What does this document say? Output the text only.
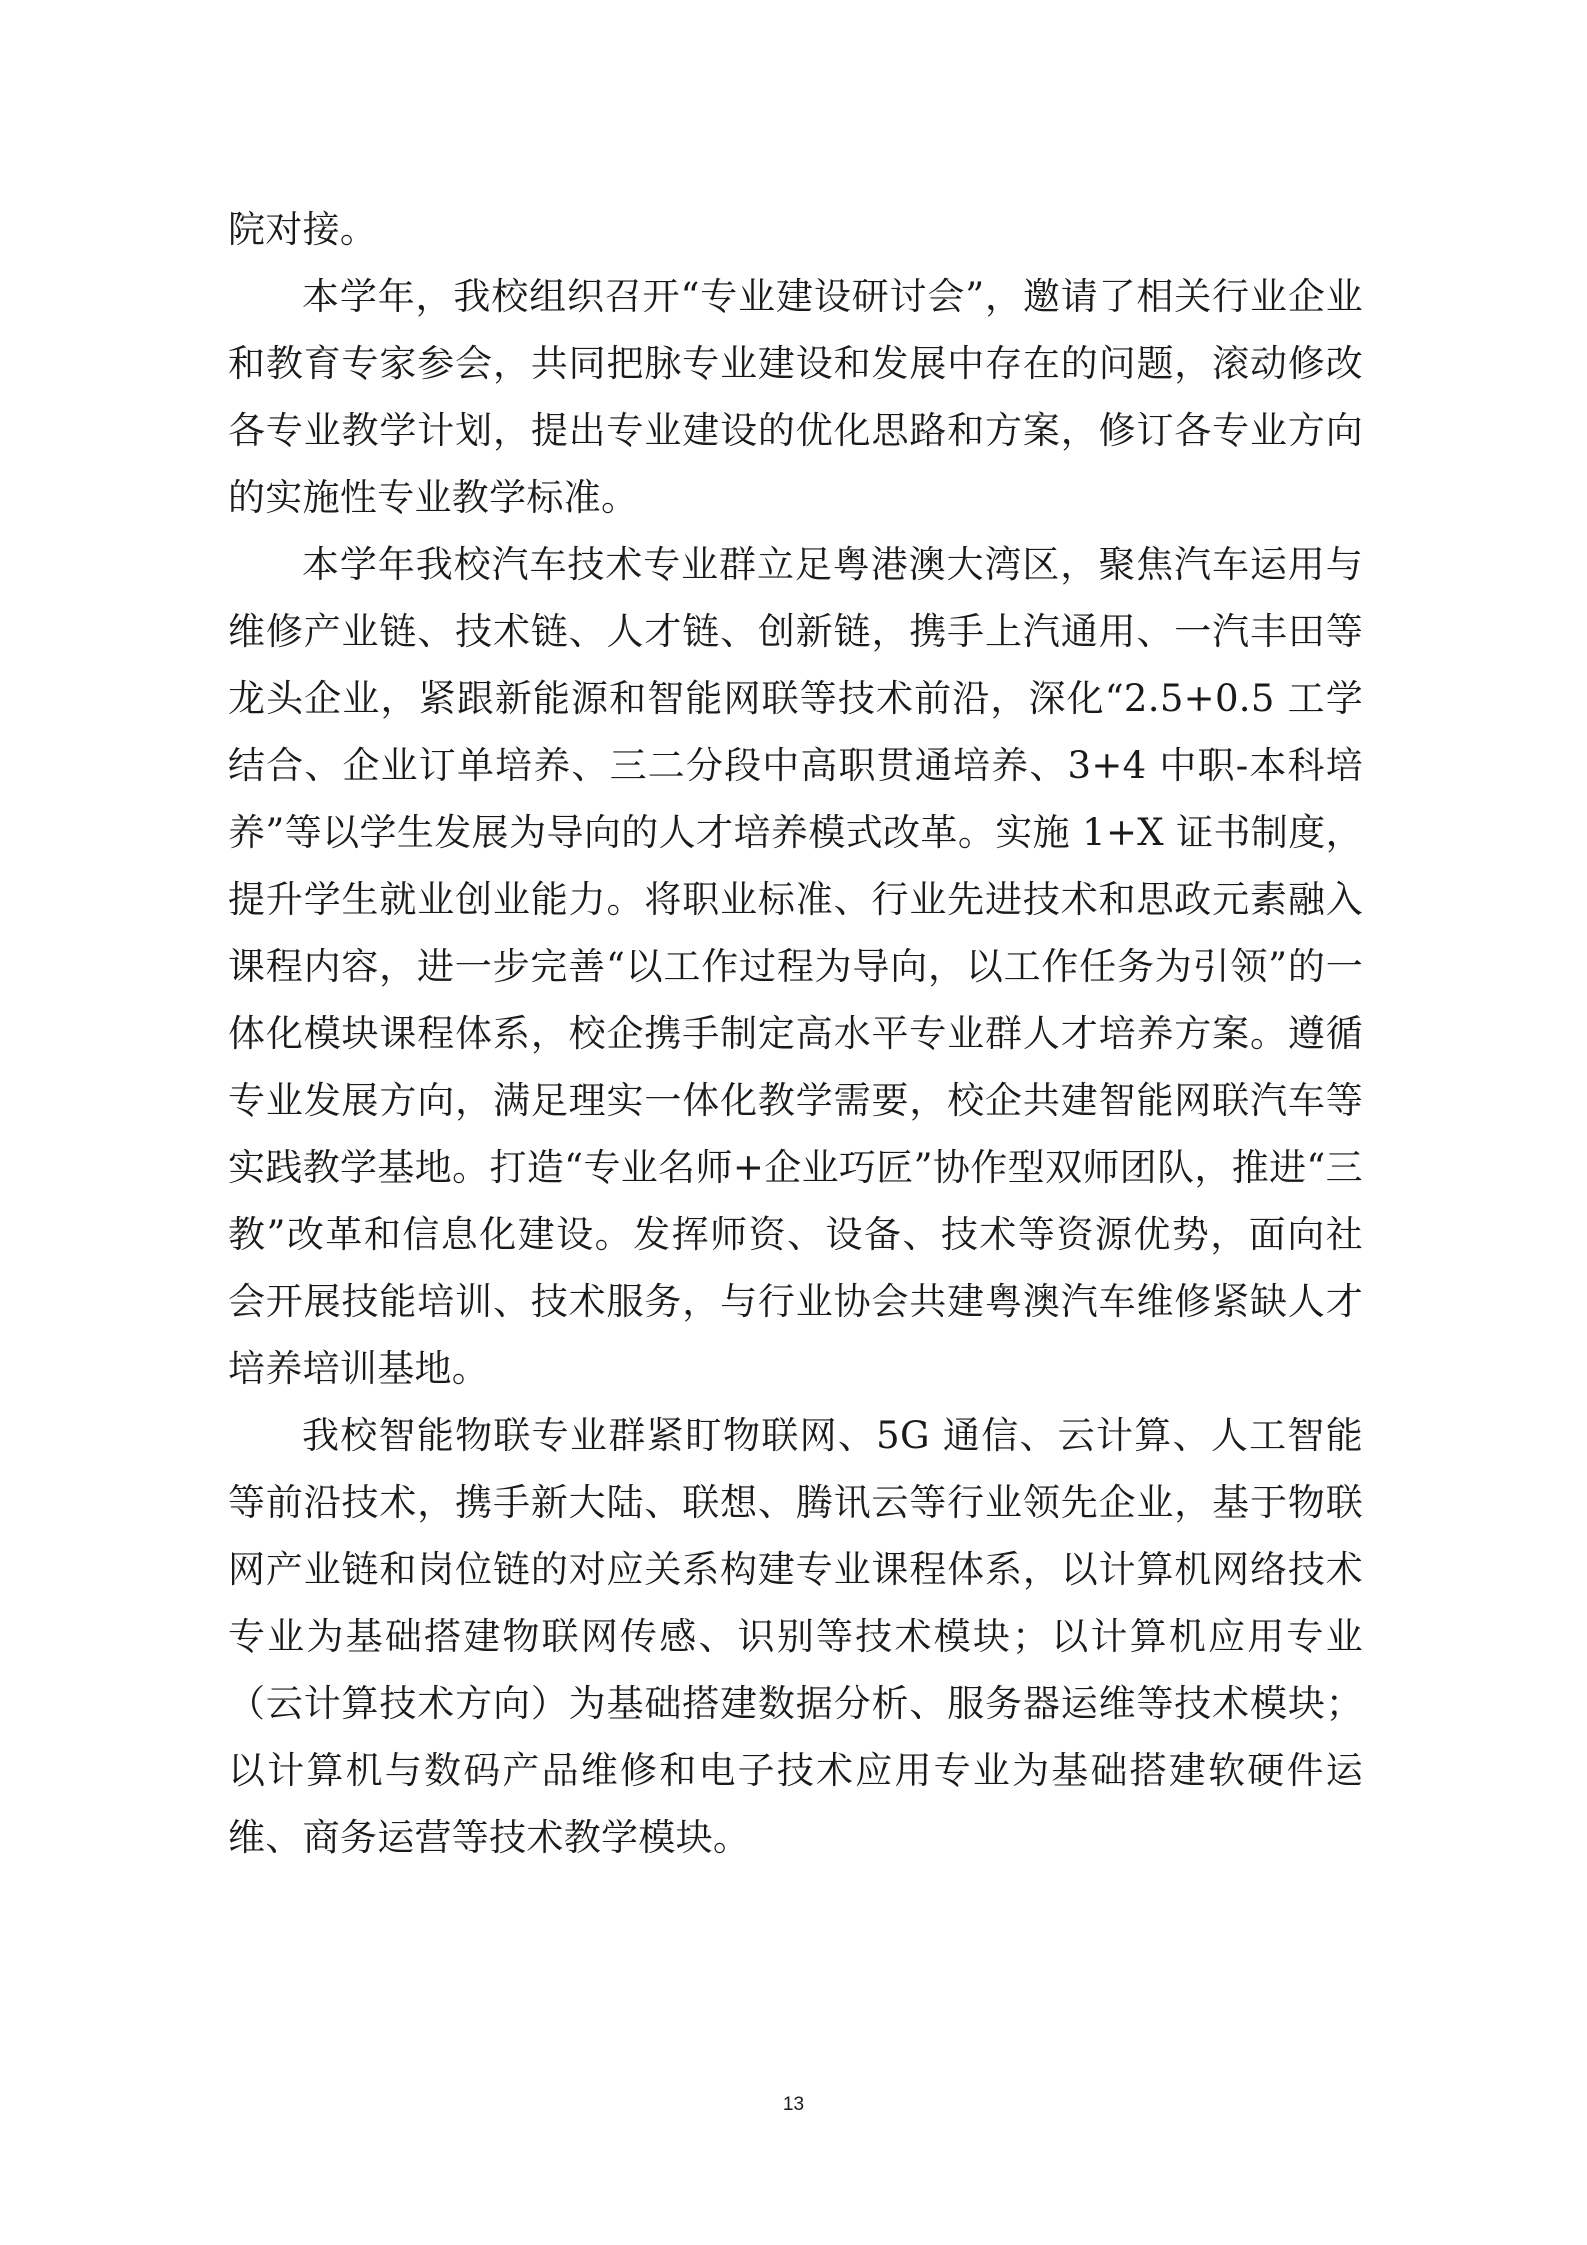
院对接。

本学年，我校组织召开“专业建设研讨会”，邀请了相关行业企业和教育专家参会，共同把脉专业建设和发展中存在的问题，滚动修改各专业教学计划，提出专业建设的优化思路和方案，修订各专业方向的实施性专业教学标准。

本学年我校汽车技术专业群立足粤港澳大湾区，聚焦汽车运用与维修产业链、技术链、人才链、创新链，携手上汽通用、一汽丰田等龙头企业，紧跟新能源和智能网联等技术前沿，深化“2.5+0.5 工学结合、企业订单培养、三二分段中高职贯通培养、3+4 中职-本科培养”等以学生发展为导向的人才培养模式改革。实施 1+X 证书制度，提升学生就业创业能力。将职业标准、行业先进技术和思政元素融入课程内容，进一步完善“以工作过程为导向，以工作任务为引领”的一体化模块课程体系，校企携手制定高水平专业群人才培养方案。遵循专业发展方向，满足理实一体化教学需要，校企共建智能网联汽车等实践教学基地。打造“专业名师+企业巧匠”协作型双师团队，推进“三教”改革和信息化建设。发挥师资、设备、技术等资源优势，面向社会开展技能培训、技术服务，与行业协会共建粤澳汽车维修紧缺人才培养培训基地。

我校智能物联专业群紧盯物联网、5G 通信、云计算、人工智能等前沿技术，携手新大陆、联想、腾讯云等行业领先企业，基于物联网产业链和岗位链的对应关系构建专业课程体系，以计算机网络技术专业为基础搭建物联网传感、识别等技术模块；以计算机应用专业（云计算技术方向）为基础搭建数据分析、服务器运维等技术模块；以计算机与数码产品维修和电子技术应用专业为基础搭建软硬件运维、商务运营等技术教学模块。

13
